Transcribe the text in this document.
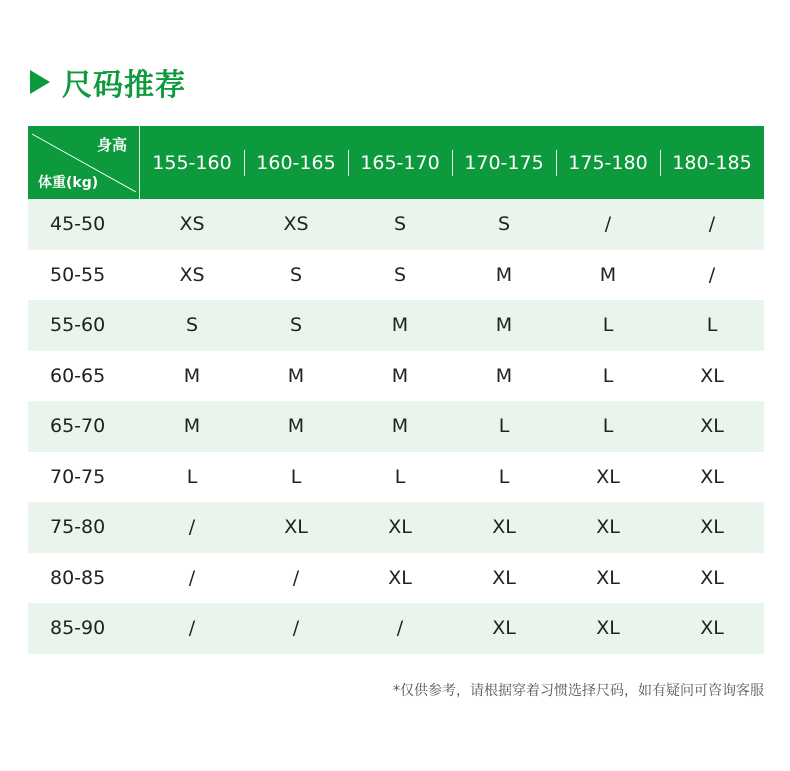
尺码推荐
身高
体重(kg)
155-160	160-165	165-170	170-175	175-180	180-185
45-50	XS	XS	S	S	/	/
50-55	XS	S	S	M	M	/
55-60	S	S	M	M	L	L
60-65	M	M	M	M	L	XL
65-70	M	M	M	L	L	XL
70-75	L	L	L	L	XL	XL
75-80	/	XL	XL	XL	XL	XL
80-85	/	/	XL	XL	XL	XL
85-90	/	/	/	XL	XL	XL
*仅供参考，请根据穿着习惯选择尺码，如有疑问可咨询客服
